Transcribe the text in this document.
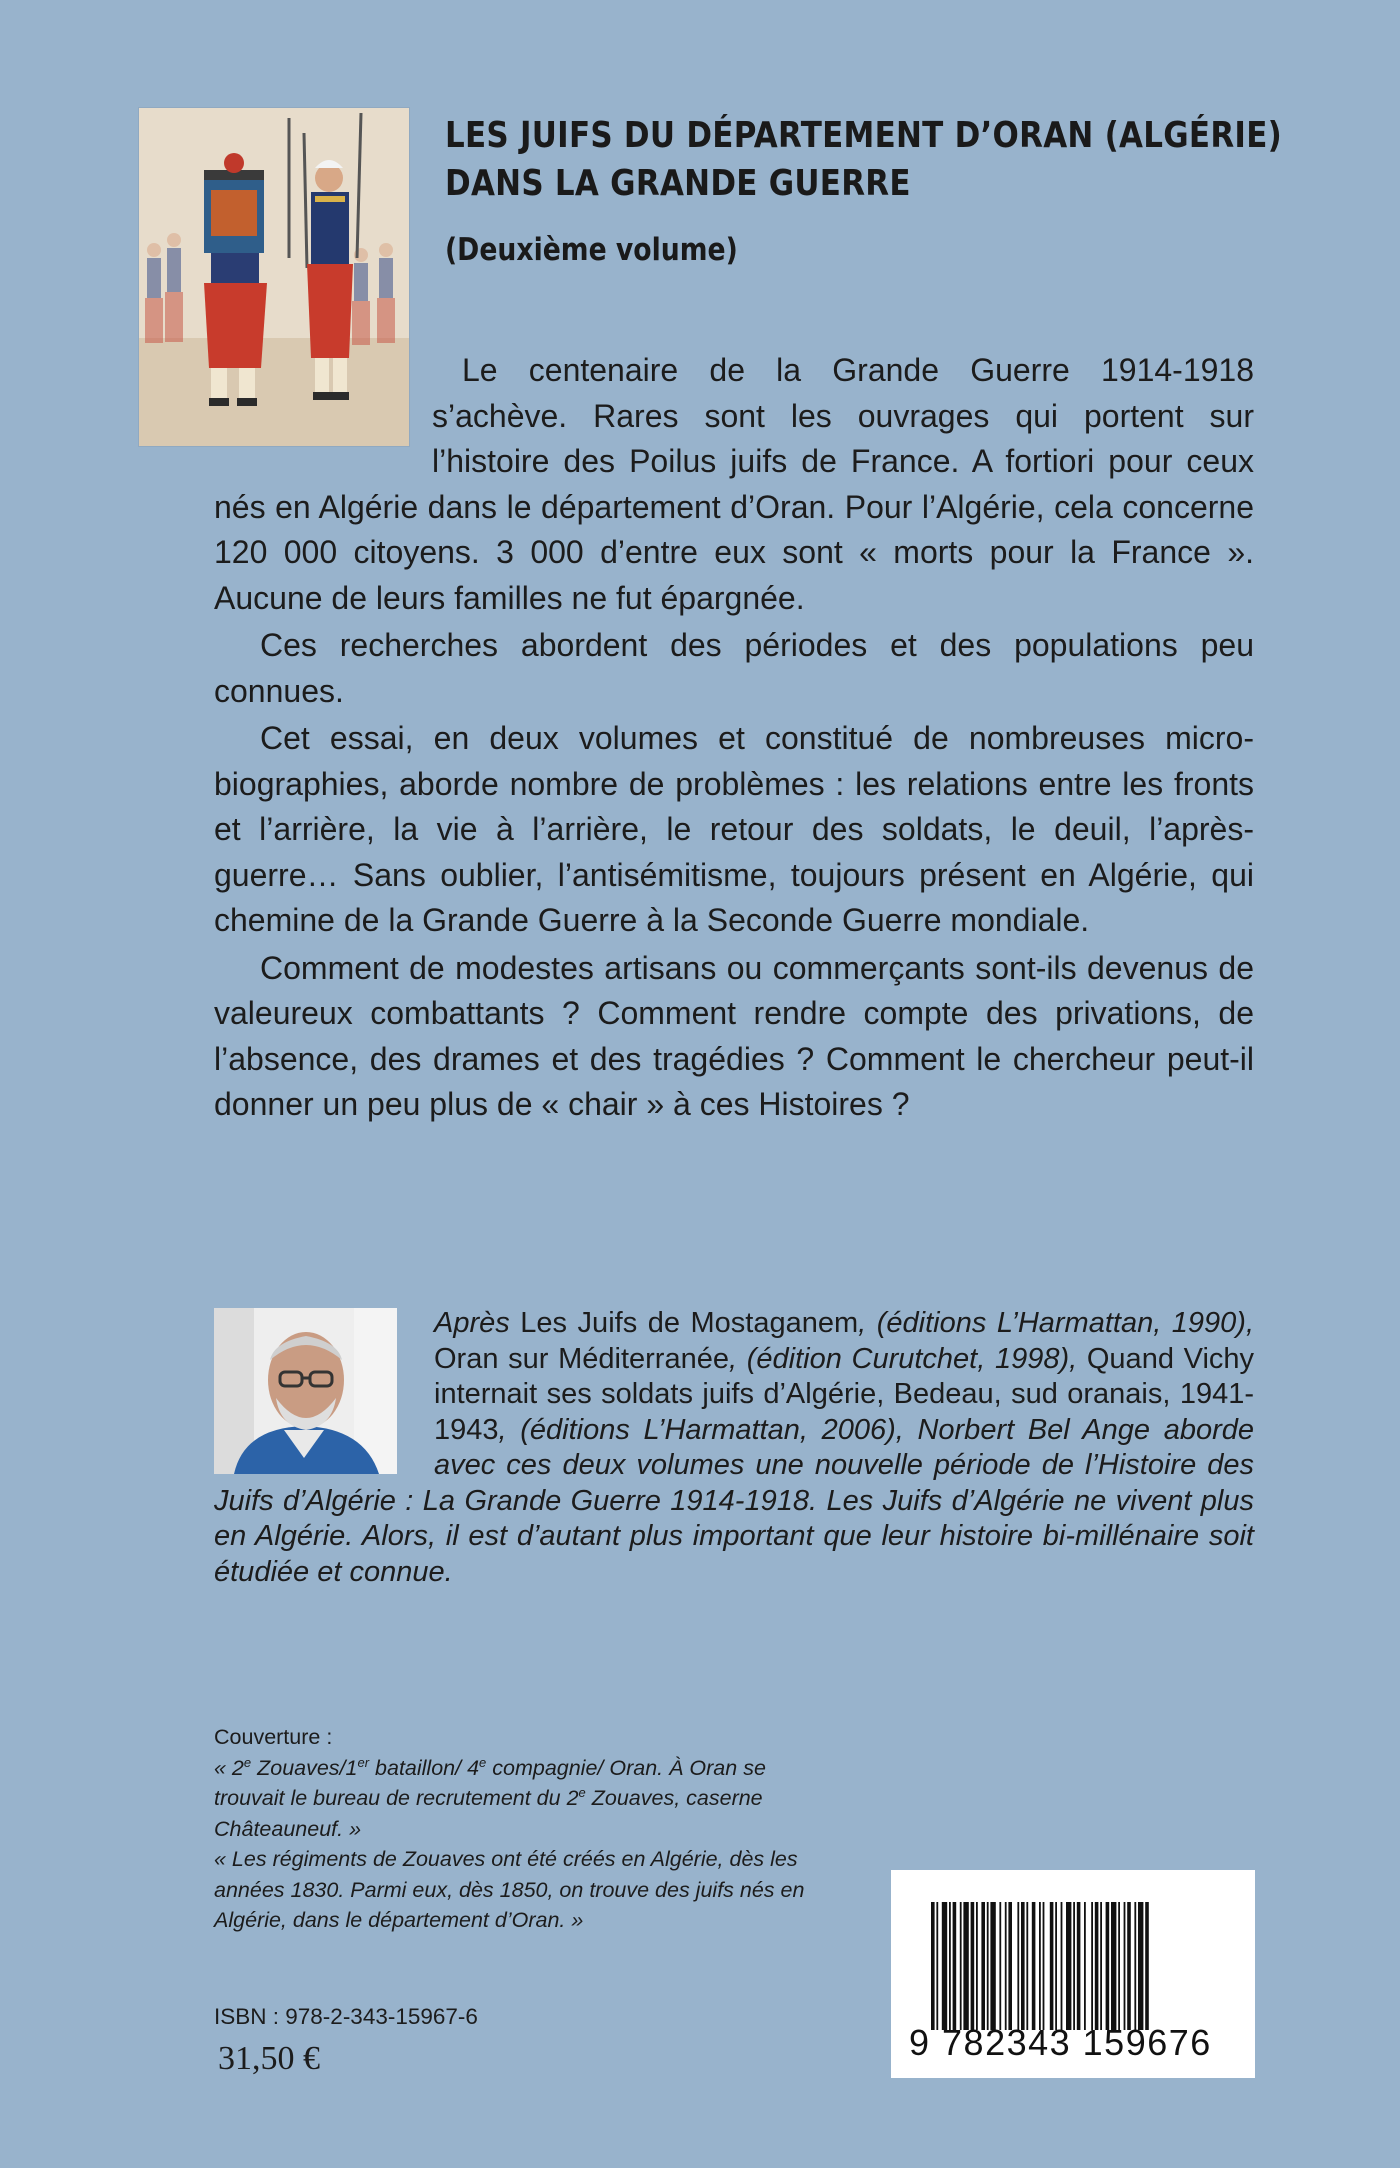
LES JUIFS DU DÉPARTEMENT D’ORAN (ALGÉRIE)
DANS LA GRANDE GUERRE
(Deuxième volume)

Le centenaire de la Grande Guerre 1914-1918 s’achève. Rares sont les ouvrages qui portent sur l’histoire des Poilus juifs de France. A fortiori pour ceux nés en Algérie dans le département d’Oran. Pour l’Algérie, cela concerne 120 000 citoyens. 3 000 d’entre eux sont « morts pour la France ». Aucune de leurs familles ne fut épargnée.

Ces recherches abordent des périodes et des populations peu connues.

Cet essai, en deux volumes et constitué de nombreuses micro-biographies, aborde nombre de problèmes : les relations entre les fronts et l’arrière, la vie à l’arrière, le retour des soldats, le deuil, l’après-guerre… Sans oublier, l’antisémitisme, toujours présent en Algérie, qui chemine de la Grande Guerre à la Seconde Guerre mondiale.

Comment de modestes artisans ou commerçants sont-ils devenus de valeureux combattants ? Comment rendre compte des privations, de l’absence, des drames et des tragédies ? Comment le chercheur peut-il donner un peu plus de « chair » à ces Histoires ?

Après Les Juifs de Mostaganem, (éditions L’Harmattan, 1990), Oran sur Méditerranée, (édition Curutchet, 1998), Quand Vichy internait ses soldats juifs d’Algérie, Bedeau, sud oranais, 1941-1943, (éditions L’Harmattan, 2006), Norbert Bel Ange aborde avec ces deux volumes une nouvelle période de l’Histoire des Juifs d’Algérie : La Grande Guerre 1914-1918. Les Juifs d’Algérie ne vivent plus en Algérie. Alors, il est d’autant plus important que leur histoire bi-millénaire soit étudiée et connue.
Couverture :
« 2e Zouaves/1er bataillon/ 4e compagnie/ Oran. À Oran se trouvait le bureau de recrutement du 2e Zouaves, caserne Châteauneuf. »
« Les régiments de Zouaves ont été créés en Algérie, dès les années 1830. Parmi eux, dès 1850, on trouve des juifs nés en Algérie, dans le département d’Oran. »
ISBN : 978-2-343-15967-6
31,50 €	9 782343 159676
